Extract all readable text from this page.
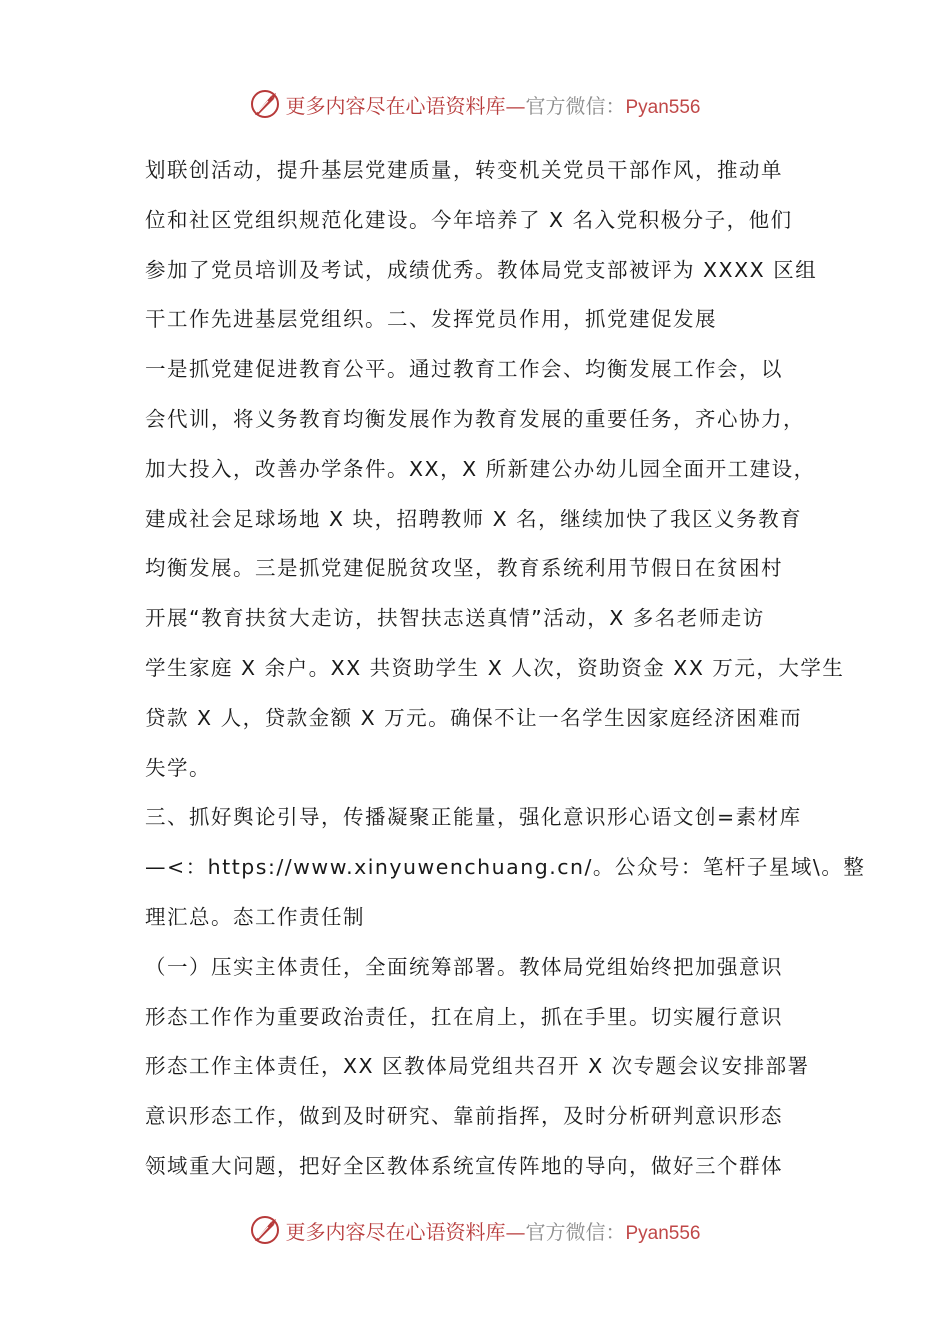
更多内容尽在心语资料库—官方微信：Pyan556
划联创活动，提升基层党建质量，转变机关党员干部作风，推动单
位和社区党组织规范化建设。今年培养了 X 名入党积极分子，他们
参加了党员培训及考试，成绩优秀。教体局党支部被评为 XXXX 区组
干工作先进基层党组织。二、发挥党员作用，抓党建促发展
一是抓党建促进教育公平。通过教育工作会、均衡发展工作会，以
会代训，将义务教育均衡发展作为教育发展的重要任务，齐心协力，
加大投入，改善办学条件。XX，X 所新建公办幼儿园全面开工建设，
建成社会足球场地 X 块，招聘教师 X 名，继续加快了我区义务教育
均衡发展。三是抓党建促脱贫攻坚，教育系统利用节假日在贫困村
开展“教育扶贫大走访，扶智扶志送真情”活动，X 多名老师走访
学生家庭 X 余户。XX 共资助学生 X 人次，资助资金 XX 万元，大学生
贷款 X 人，贷款金额 X 万元。确保不让一名学生因家庭经济困难而
失学。
三、抓好舆论引导，传播凝聚正能量，强化意识形心语文创=素材库
—<：https://www.xinyuwenchuang.cn/。公众号：笔杆子星域\。整
理汇总。态工作责任制
（一）压实主体责任，全面统筹部署。教体局党组始终把加强意识
形态工作作为重要政治责任，扛在肩上，抓在手里。切实履行意识
形态工作主体责任，XX 区教体局党组共召开 X 次专题会议安排部署
意识形态工作，做到及时研究、靠前指挥，及时分析研判意识形态
领域重大问题，把好全区教体系统宣传阵地的导向，做好三个群体
更多内容尽在心语资料库—官方微信：Pyan556
